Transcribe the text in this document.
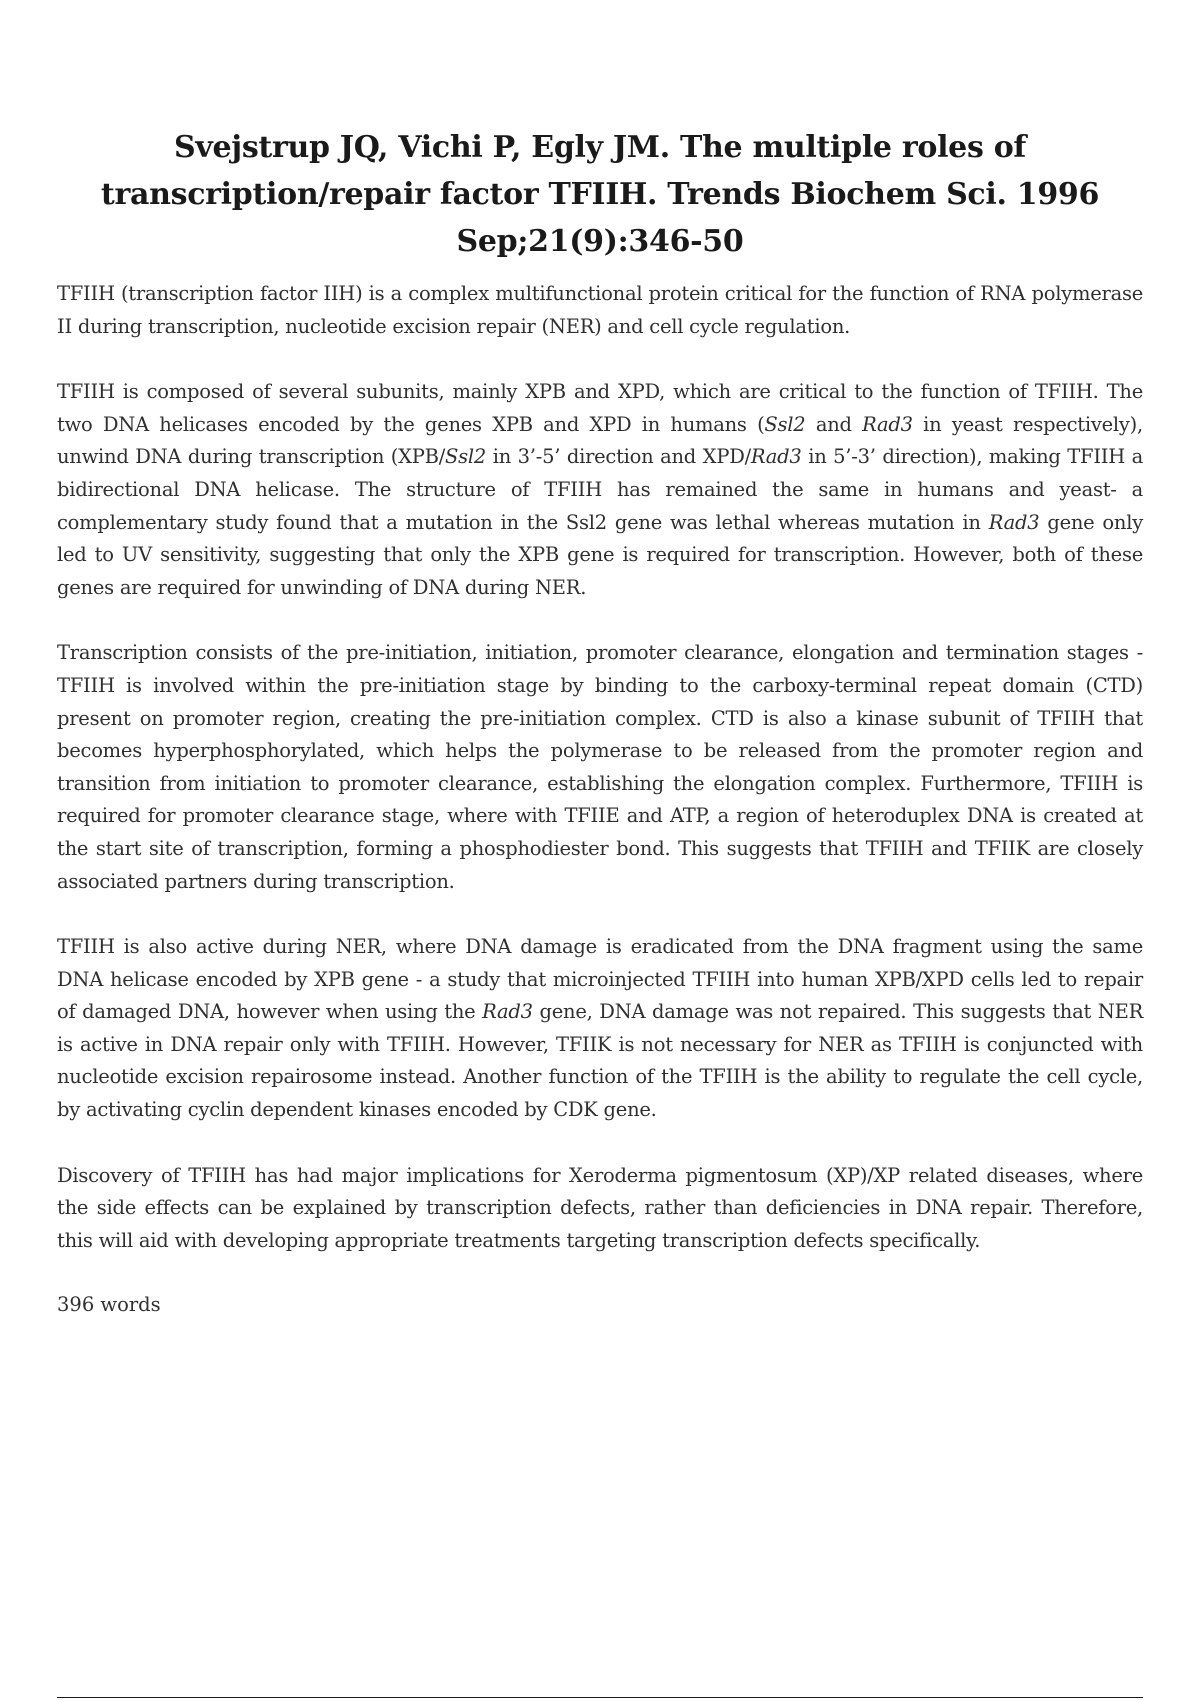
Svejstrup JQ, Vichi P, Egly JM. The multiple roles of transcription/repair factor TFIIH. Trends Biochem Sci. 1996 Sep;21(9):346-50

TFIIH (transcription factor IIH) is a complex multifunctional protein critical for the function of RNA polymerase II during transcription, nucleotide excision repair (NER) and cell cycle regulation.

TFIIH is composed of several subunits, mainly XPB and XPD, which are critical to the function of TFIIH. The two DNA helicases encoded by the genes XPB and XPD in humans (Ssl2 and Rad3 in yeast respectively), unwind DNA during transcription (XPB/Ssl2 in 3’-5’ direction and XPD/Rad3 in 5’-3’ direction), making TFIIH a bidirectional DNA helicase. The structure of TFIIH has remained the same in humans and yeast- a complementary study found that a mutation in the Ssl2 gene was lethal whereas mutation in Rad3 gene only led to UV sensitivity, suggesting that only the XPB gene is required for transcription. However, both of these genes are required for unwinding of DNA during NER.

Transcription consists of the pre-initiation, initiation, promoter clearance, elongation and termination stages - TFIIH is involved within the pre-initiation stage by binding to the carboxy-terminal repeat domain (CTD) present on promoter region, creating the pre-initiation complex. CTD is also a kinase subunit of TFIIH that becomes hyperphosphorylated, which helps the polymerase to be released from the promoter region and transition from initiation to promoter clearance, establishing the elongation complex. Furthermore, TFIIH is required for promoter clearance stage, where with TFIIE and ATP, a region of heteroduplex DNA is created at the start site of transcription, forming a phosphodiester bond. This suggests that TFIIH and TFIIK are closely associated partners during transcription.

TFIIH is also active during NER, where DNA damage is eradicated from the DNA fragment using the same DNA helicase encoded by XPB gene - a study that microinjected TFIIH into human XPB/XPD cells led to repair of damaged DNA, however when using the Rad3 gene, DNA damage was not repaired. This suggests that NER is active in DNA repair only with TFIIH. However, TFIIK is not necessary for NER as TFIIH is conjuncted with nucleotide excision repairosome instead. Another function of the TFIIH is the ability to regulate the cell cycle, by activating cyclin dependent kinases encoded by CDK gene.

Discovery of TFIIH has had major implications for Xeroderma pigmentosum (XP)/XP related diseases, where the side effects can be explained by transcription defects, rather than deficiencies in DNA repair. Therefore, this will aid with developing appropriate treatments targeting transcription defects specifically.

396 words
